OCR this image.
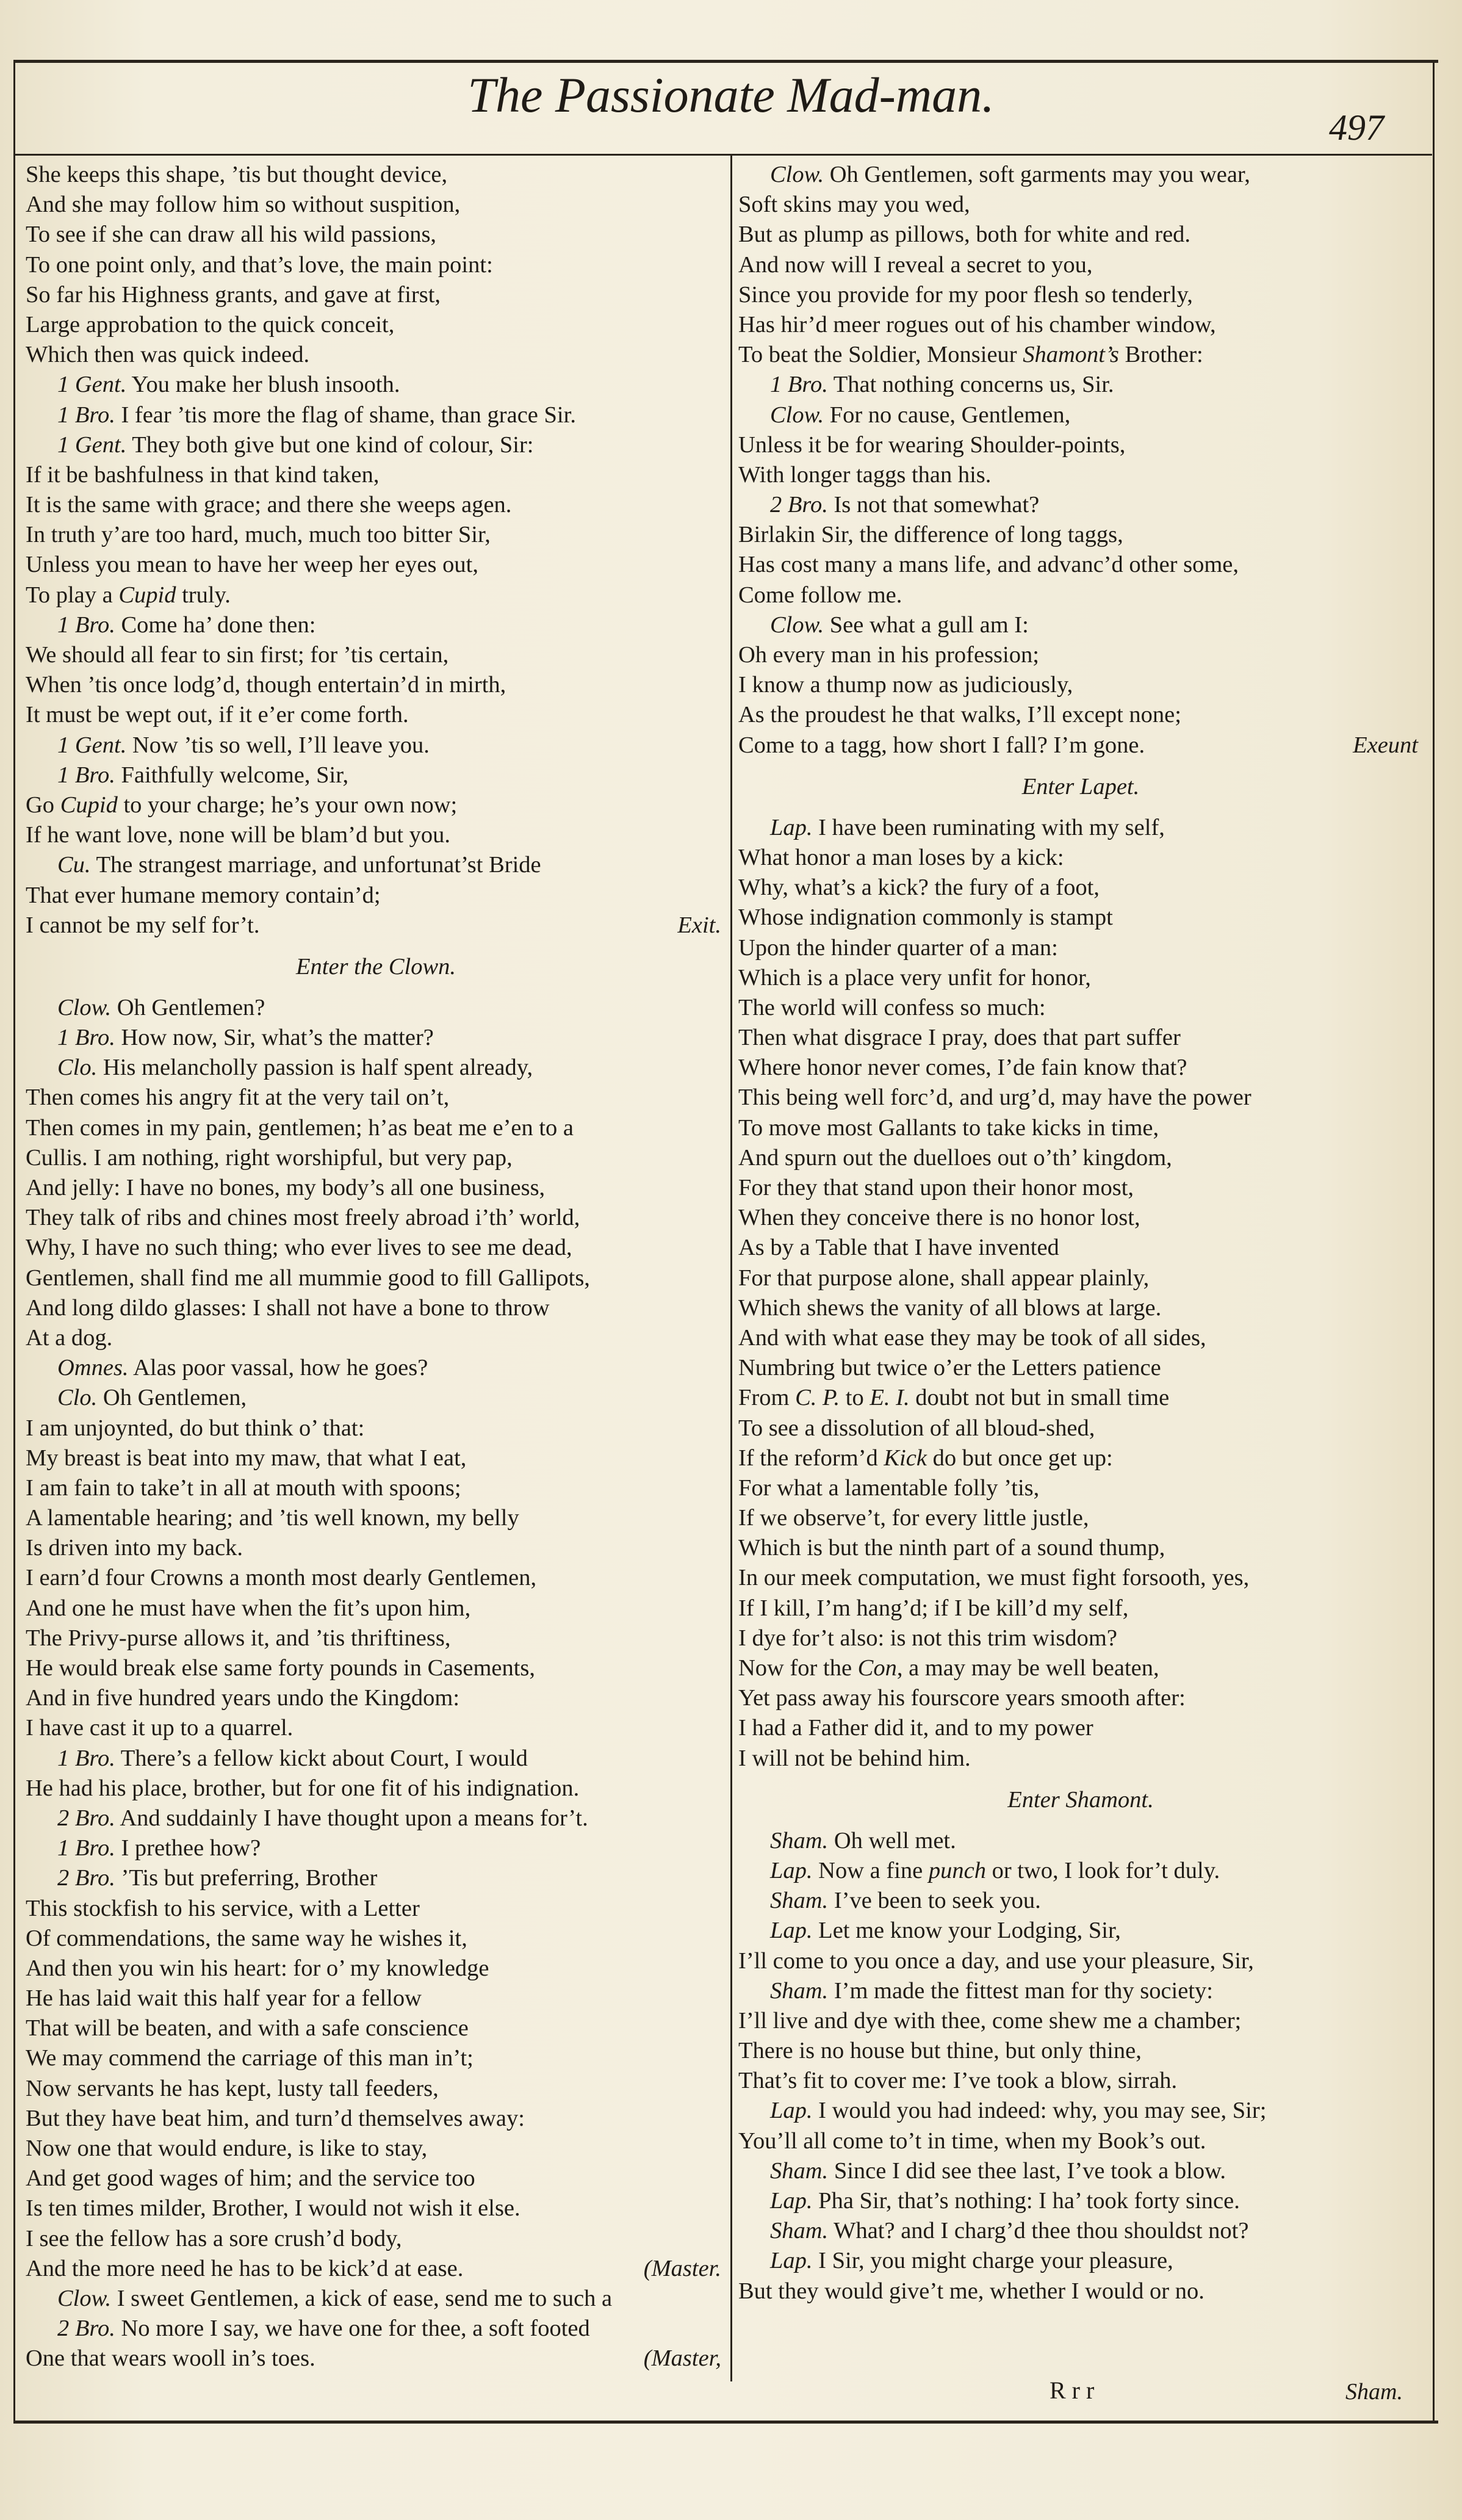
The Passionate Mad-man.
497
She keeps this shape, ’tis but thought device,
And she may follow him so without suspition,
To see if she can draw all his wild passions,
To one point only, and that’s love, the main point:
So far his Highness grants, and gave at first,
Large approbation to the quick conceit,
Which then was quick indeed.
1 Gent. You make her blush insooth.
1 Bro. I fear ’tis more the flag of shame, than grace Sir.
1 Gent. They both give but one kind of colour, Sir:
If it be bashfulness in that kind taken,
It is the same with grace; and there she weeps agen.
In truth y’are too hard, much, much too bitter Sir,
Unless you mean to have her weep her eyes out,
To play a Cupid truly.
1 Bro. Come ha’ done then:
We should all fear to sin first; for ’tis certain,
When ’tis once lodg’d, though entertain’d in mirth,
It must be wept out, if it e’er come forth.
1 Gent. Now ’tis so well, I’ll leave you.
1 Bro. Faithfully welcome, Sir,
Go Cupid to your charge; he’s your own now;
If he want love, none will be blam’d but you.
Cu. The strangest marriage, and unfortunat’st Bride
That ever humane memory contain’d;
I cannot be my self for’t.	Exit.
Enter the Clown.
Clow. Oh Gentlemen?
1 Bro. How now, Sir, what’s the matter?
Clo. His melancholly passion is half spent already,
Then comes his angry fit at the very tail on’t,
Then comes in my pain, gentlemen; h’as beat me e’en to a
Cullis. I am nothing, right worshipful, but very pap,
And jelly: I have no bones, my body’s all one business,
They talk of ribs and chines most freely abroad i’th’ world,
Why, I have no such thing; who ever lives to see me dead,
Gentlemen, shall find me all mummie good to fill Gallipots,
And long dildo glasses: I shall not have a bone to throw
At a dog.
Omnes. Alas poor vassal, how he goes?
Clo. Oh Gentlemen,
I am unjoynted, do but think o’ that:
My breast is beat into my maw, that what I eat,
I am fain to take’t in all at mouth with spoons;
A lamentable hearing; and ’tis well known, my belly
Is driven into my back.
I earn’d four Crowns a month most dearly Gentlemen,
And one he must have when the fit’s upon him,
The Privy-purse allows it, and ’tis thriftiness,
He would break else same forty pounds in Casements,
And in five hundred years undo the Kingdom:
I have cast it up to a quarrel.
1 Bro. There’s a fellow kickt about Court, I would
He had his place, brother, but for one fit of his indignation.
2 Bro. And suddainly I have thought upon a means for’t.
1 Bro. I prethee how?
2 Bro. ’Tis but preferring, Brother
This stockfish to his service, with a Letter
Of commendations, the same way he wishes it,
And then you win his heart: for o’ my knowledge
He has laid wait this half year for a fellow
That will be beaten, and with a safe conscience
We may commend the carriage of this man in’t;
Now servants he has kept, lusty tall feeders,
But they have beat him, and turn’d themselves away:
Now one that would endure, is like to stay,
And get good wages of him; and the service too
Is ten times milder, Brother, I would not wish it else.
I see the fellow has a sore crush’d body,
And the more need he has to be kick’d at ease.	(Master.
Clow. I sweet Gentlemen, a kick of ease, send me to such a
2 Bro. No more I say, we have one for thee, a soft footed
One that wears wooll in’s toes.	(Master,
Clow. Oh Gentlemen, soft garments may you wear,
Soft skins may you wed,
But as plump as pillows, both for white and red.
And now will I reveal a secret to you,
Since you provide for my poor flesh so tenderly,
Has hir’d meer rogues out of his chamber window,
To beat the Soldier, Monsieur Shamont’s Brother:
1 Bro. That nothing concerns us, Sir.
Clow. For no cause, Gentlemen,
Unless it be for wearing Shoulder-points,
With longer taggs than his.
2 Bro. Is not that somewhat?
Birlakin Sir, the difference of long taggs,
Has cost many a mans life, and advanc’d other some,
Come follow me.
Clow. See what a gull am I:
Oh every man in his profession;
I know a thump now as judiciously,
As the proudest he that walks, I’ll except none;
Come to a tagg, how short I fall? I’m gone.	Exeunt
Enter Lapet.
Lap. I have been ruminating with my self,
What honor a man loses by a kick:
Why, what’s a kick? the fury of a foot,
Whose indignation commonly is stampt
Upon the hinder quarter of a man:
Which is a place very unfit for honor,
The world will confess so much:
Then what disgrace I pray, does that part suffer
Where honor never comes, I’de fain know that?
This being well forc’d, and urg’d, may have the power
To move most Gallants to take kicks in time,
And spurn out the duelloes out o’th’ kingdom,
For they that stand upon their honor most,
When they conceive there is no honor lost,
As by a Table that I have invented
For that purpose alone, shall appear plainly,
Which shews the vanity of all blows at large.
And with what ease they may be took of all sides,
Numbring but twice o’er the Letters patience
From C. P. to E. I. doubt not but in small time
To see a dissolution of all bloud-shed,
If the reform’d Kick do but once get up:
For what a lamentable folly ’tis,
If we observe’t, for every little justle,
Which is but the ninth part of a sound thump,
In our meek computation, we must fight forsooth, yes,
If I kill, I’m hang’d; if I be kill’d my self,
I dye for’t also: is not this trim wisdom?
Now for the Con, a may may be well beaten,
Yet pass away his fourscore years smooth after:
I had a Father did it, and to my power
I will not be behind him.
Enter Shamont.
Sham. Oh well met.
Lap. Now a fine punch or two, I look for’t duly.
Sham. I’ve been to seek you.
Lap. Let me know your Lodging, Sir,
I’ll come to you once a day, and use your pleasure, Sir,
Sham. I’m made the fittest man for thy society:
I’ll live and dye with thee, come shew me a chamber;
There is no house but thine, but only thine,
That’s fit to cover me: I’ve took a blow, sirrah.
Lap. I would you had indeed: why, you may see, Sir;
You’ll all come to’t in time, when my Book’s out.
Sham. Since I did see thee last, I’ve took a blow.
Lap. Pha Sir, that’s nothing: I ha’ took forty since.
Sham. What? and I charg’d thee thou shouldst not?
Lap. I Sir, you might charge your pleasure,
But they would give’t me, whether I would or no.
Rrr	Sham.
